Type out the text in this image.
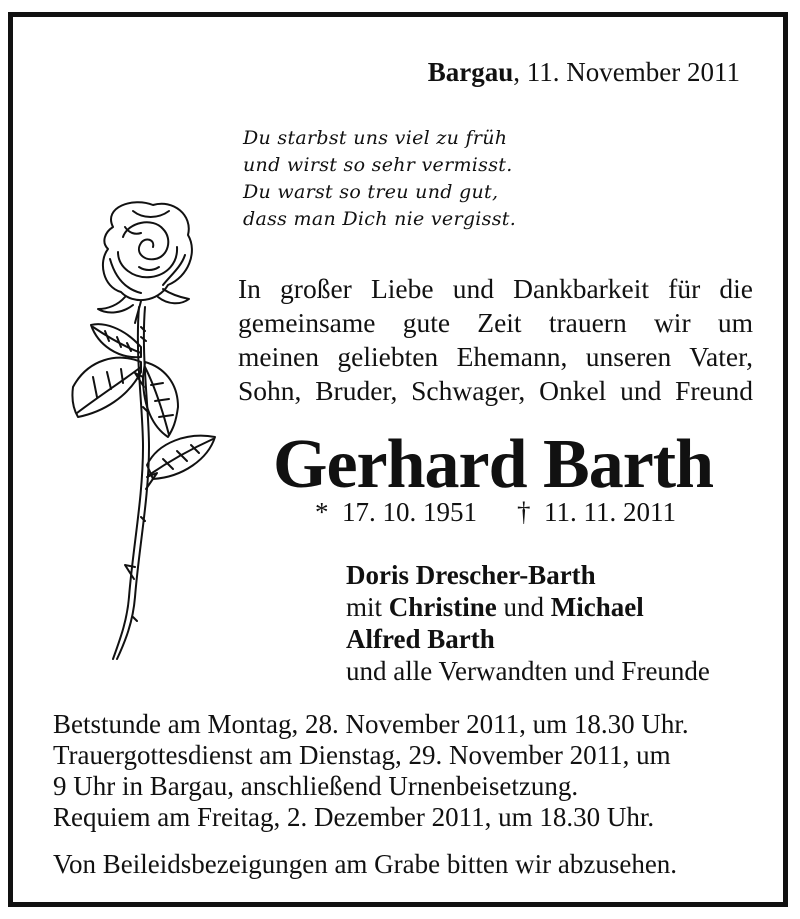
Bargau, 11. November 2011
Du starbst uns viel zu früh
und wirst so sehr vermisst.
Du warst so treu und gut,
dass man Dich nie vergisst.
In großer Liebe und Dankbarkeit für die
gemeinsame gute Zeit trauern wir um
meinen geliebten Ehemann, unseren Vater,
Sohn, Bruder, Schwager, Onkel und Freund
Gerhard Barth
* 17. 10. 1951 † 11. 11. 2011
Doris Drescher-Barth
mit Christine und Michael
Alfred Barth
und alle Verwandten und Freunde
Betstunde am Montag, 28. November 2011, um 18.30 Uhr.
Trauergottesdienst am Dienstag, 29. November 2011, um
9 Uhr in Bargau, anschließend Urnenbeisetzung.
Requiem am Freitag, 2. Dezember 2011, um 18.30 Uhr.
Von Beileidsbezeigungen am Grabe bitten wir abzusehen.
